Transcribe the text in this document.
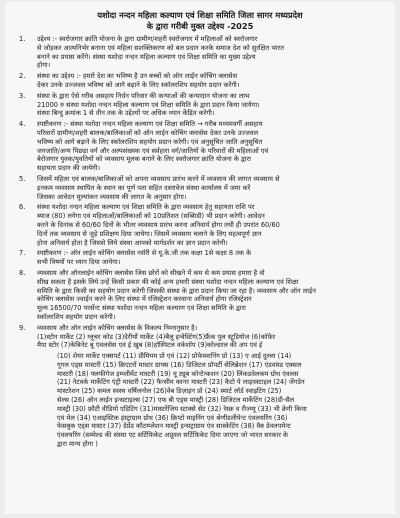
यशोदा नन्दन महिला कल्याण एवं शिक्षा समिति जिला सागर मध्यप्रदेश
के द्वारा गरीबी मुक्त उद्देश्य -2025
1. उद्देश्य :- स्वरोजगार क्रांति योजना के द्वारा ग्रामीण/शहरी स्वरोजगार में महिलाओं को स्वरोजगार
से जोड़कर आत्मनिर्भर बनाना एवं महिला सशक्तिकरण को बल प्रदान करके समाज देश को सुरक्षित भारत
बनाने का प्रयास करेंगे। संस्था यशोदा नन्दन महिला कल्याण एवं शिक्षा समिति का मुख्य उद्देश्य
होगा।
2. संस्था का उद्देश्य :- हमारे देश का भविष्य है उन बच्चों को ऑन लाईन कोचिंग क्लासेस
देकर उनके उज्जवल भविष्य को आगे बढ़ाने के लिए स्कॉलरशिप सहयोग प्रदान करेंगी।
3. संस्था के द्वारा ऐसे गरीब असहाय निर्धन परिवार की कन्याओं की कन्यादान योजना का लाभ
21000 रु संस्था यशोदा नन्दन महिला कल्याण एवं शिक्षा समिति के द्वारा प्रदान किया जायेगा।
संस्था बिन्दु क्रमांक 1 से तीन तक के उद्देश्यों पर अधिक ध्यान केंद्रित करेगी।
4. स्पष्टीकरण :- संस्था यशोदा नन्दन महिला कल्याण एवं शिक्षा समिति → गरीब मध्यमवर्गी असहाय
परिवारों ग्रामीण/शहरी बालक/बालिकाओं को ऑन लाईन कोचिंग क्लासेस देकर उनके उज्जवल
भविष्य को आगे बढ़ाने के लिए स्कॉलरशिप सहयोग प्रदान करेगी। एवं अनुसूचित जाति अनुसूचित
जनजाति/अन्य पिछड़ा वर्ग और अल्पसंख्यक एवं सर्वहारा वर्ग/जातियों के परिवारों की महिलाओं एवं
बेरोजगार युवक/युवतियों को व्यवसाय मूलक बनाने के लिए स्वरोजगार क्रांति योजना के द्वारा
सहायता प्रदान की जायेगी।
5. जिसमें महिला एवं बालक/बालिकाओं को अपना व्यवसाय प्रारंभ करने में व्यवसाय की लागत व्यवसाय से
इनकम व्यवसाय स्थापित के स्थान का पूर्ण पता सहित दस्तावेज संस्था कार्यालय में जमा करें
जिसका आवेदन मूल्यांकन व्यवसाय की लागत के अनुसार होगा।
6. संस्था यशोदा नन्दन महिला कल्याण एवं शिक्षा समिति के द्वारा व्यवसाय हेतु सहायता राशि पर
ब्याज (80) लगेगा एवं महिलाओं/बालिकाओं को 10प्रतिशत (सब्सिडी) भी प्रदान करेगी। आवेदन
करने के दिनांक से 60/60 दिनों के भीतर व्यवसाय प्रारंभ करना अनिवार्य होगा तथी ही उपरांत 60/60
दिनों तक व्यवसाय से जुड़े प्रशिक्षण दिया जायेगा। जिसमें व्यवसाय चलाने के लिए महत्वपूर्ण ज्ञान
होना अनिवार्य होता है जिससे लिये संस्था आपको मार्गदर्शन का ज्ञान प्रदान करेगी।
7. स्पष्टीकरण :- ऑन लाईन कोचिंग क्लासेस नर्सरी से यू.के.जी तक कक्षा 1से कक्षा 8 तक के
सभी विषयों पर ध्यान दिया जायेगा।
8. व्यवसाय और ऑनलाईन कोचिंग क्लासेस जिस छोरों को सीखने में कम से कम प्रयास हमारा है वो
सीख सकता है इसके लिये उन्हें किसी प्रकार की कोई अन्य हमारी संस्था यशोदा नन्दन महिला कल्याण एवं शिक्षा
समिति के द्वारा किसी का सहयोग प्रदान करेगी जिसकी संस्था के द्वारा प्रदान किया जा रहा है। व्यवसाय और ऑन लाईन
कोचिंग क्लासेस ज्वाईन करने के लिए संस्था में रजिस्ट्रेशन करवाना अनिवार्य होगा रजिस्ट्रेशन
मूल्य 16500/70 परसेंन्ट संस्था यशोदा नन्दन महिला कल्याण एवं शिक्षा समिति के द्वारा
स्कॉलरशिप सहयोग प्रदान करेगी।
9. व्यवसाय और ऑन लाईन कोचिंग क्लासेस के विकल्प निम्नानुसार है।
(1)स्टोन मार्केट (2) ग्लूचर कोड (3)देरीयों मार्केट (4)बैलू इन्वेस्टिंग(5)फ्रैंक पुल स्टूडियोज (6)कॉफ़ेर
मैपा स्टोर (7)केबिनेट बू एंवलसेस एवं ई ख़ुब (8)हॉस्पिटल वर्कशॉप (9)कोल्डरल की अप एवं ई
(10) शेयर मार्केट एक्सपर्ट (11) प्रीमियम प्रो एवं (12) प्रोफेक्शनिंग प्रो (13) ए आई दुल्ला (14)
गूगल एड्स मास्टरी (15) क्रिएटरों मास्टर ग्राफ्स (16) डिजिटल प्रॉपर्टी सेलिब्रेशन (17) एंडवांस्ड एक्सल
मास्टरी (18) फ्लफीगेज इम्प्लीमेंट मास्टरी (19) यू ट्यूब कोन्टेन्कशन (20) लिंकडवेलकम ग्रोथ एंवलस
(21) नेटवर्क मार्केटिंग एंट्री मास्टरी (22) फैन्सीम कानर मास्टरी (23) कैटो पे लाइवस्टाइल (24) जेंगडेन
मास्टरेशन (25) कमल स्वस्थ वर्षिलनोल (26)वेब डिज़ाइन प्रो (24) स्मार्ट लॉर्ड स्वाइटिंग (25)
सेल्स (26) ऑन लाईन इन्सटाइल्स (27) एफ बी एड्स मास्ट्री (28) डिजिटल मार्केटिंग (28)डी-सैल
मास्ट्री (30) फ्रौटी वीडियो एडिटिंग (31)मास्टरेंजिय स्टाक्से सेट (32) रेस्क्र व रीज्म्यू (33) भी क्रेगी किया
एवं मेल (34) एआइस्टिक इंस्ट्राग्राम ग्रोथ (36) क्रिप्टो माइनिंग एवं श्रेणीडलीपेन्ट एंवलयरिंग (36)
फेसबुक एड्स मास्टर (37) डेप्रेंड कौटम्प्लेशन मास्ट्री इन्सट्राग्राम एंव सास्केटिंग (38) वैब डेवलपमेन्ट
एंवलयरिंग (सम्मेल्ड की संस्था एट सर्टिफ़िकेट अप्रूवल सर्टिफ़िकेट दिया जाएगा जो भारत सरकार के
द्वारा मान्य होगा )
